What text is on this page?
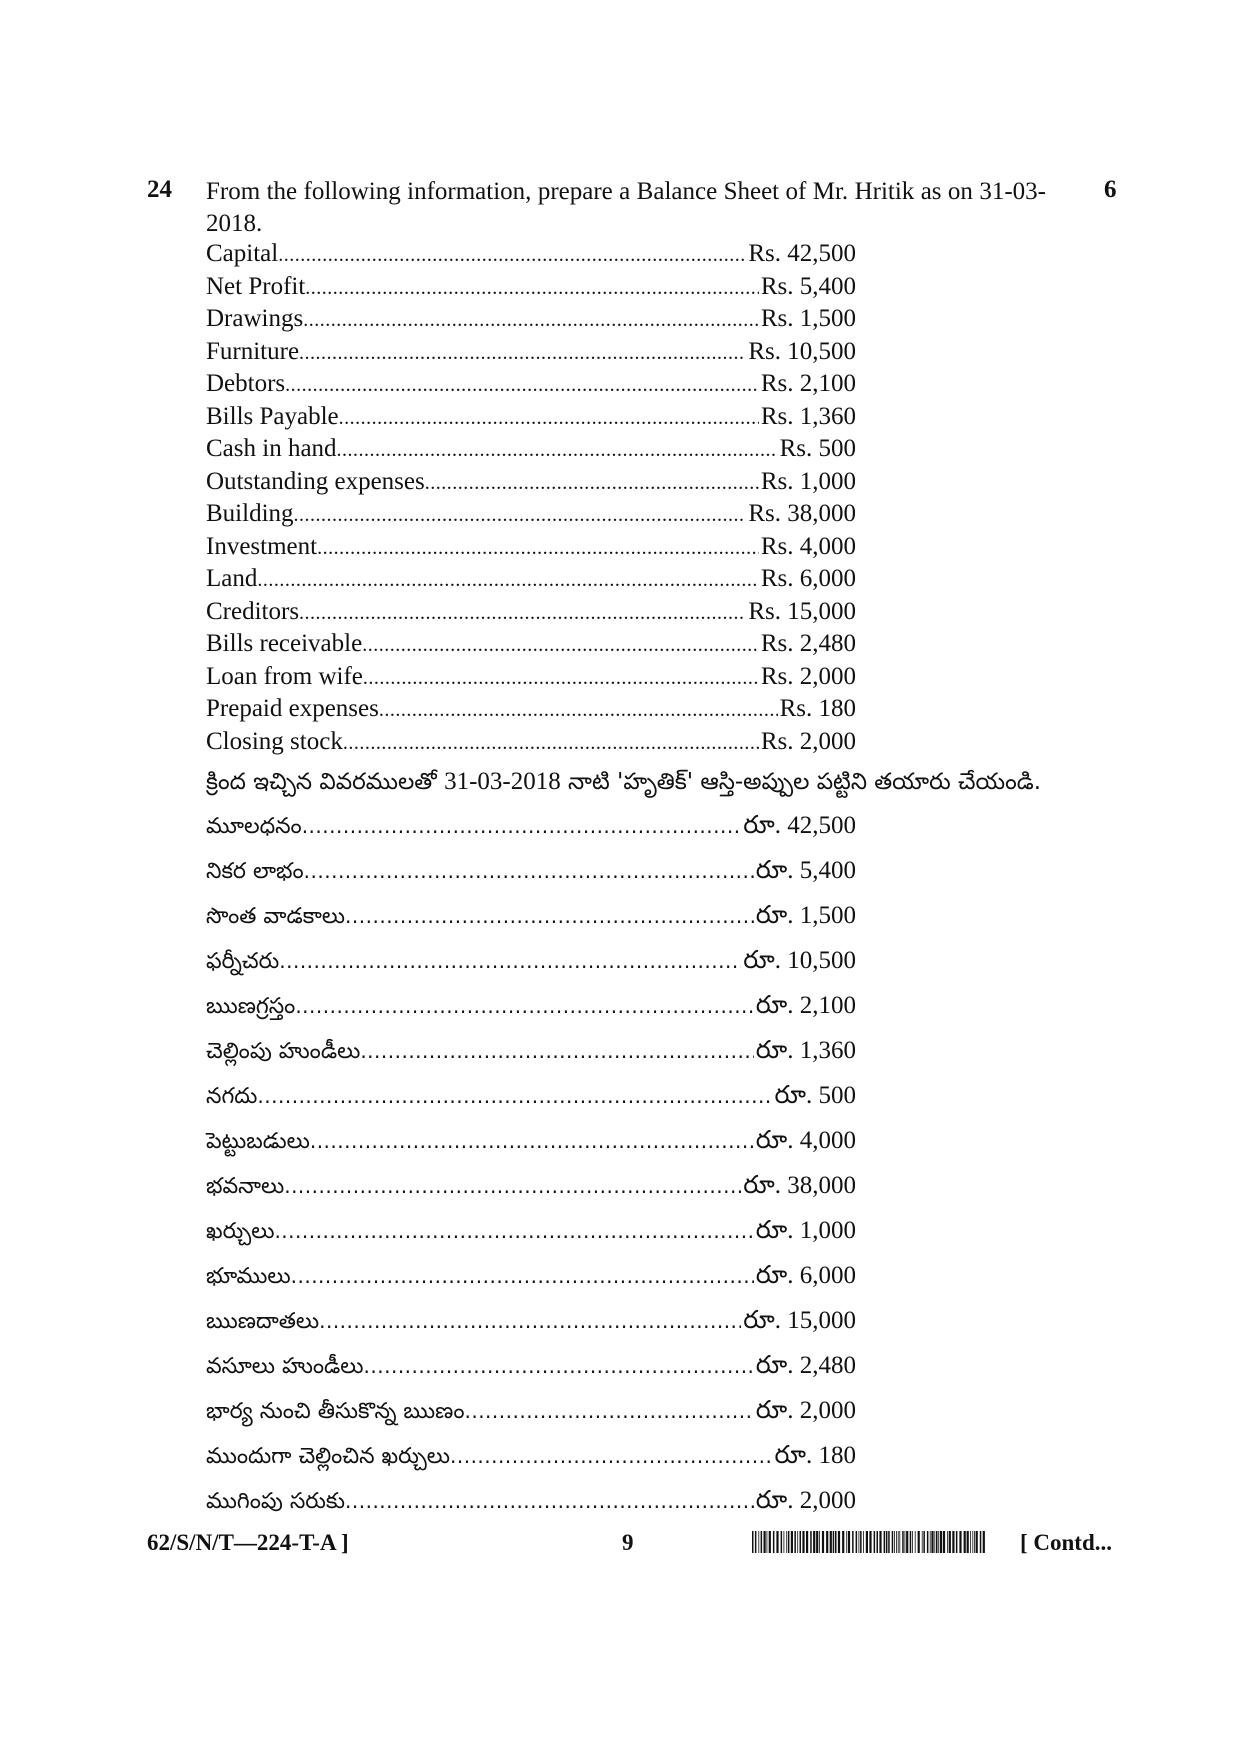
24 From the following information, prepare a Balance Sheet of Mr. Hritik as on 31-03-2018.
6
Capital .....	Rs. 42,500
Net Profit .....	Rs. 5,400
Drawings .....	Rs. 1,500
Furniture .....	Rs. 10,500
Debtors .....	Rs. 2,100
Bills Payable .....	Rs. 1,360
Cash in hand .....	Rs. 500
Outstanding expenses .....	Rs. 1,000
Building .....	Rs. 38,000
Investment .....	Rs. 4,000
Land .....	Rs. 6,000
Creditors .....	Rs. 15,000
Bills receivable .....	Rs. 2,480
Loan from wife .....	Rs. 2,000
Prepaid expenses .....	Rs. 180
Closing stock .....	Rs. 2,000
క్రింద ఇచ్చిన వివరములతో 31-03-2018 నాటి 'హృతిక్' ఆస్తి-అప్పుల పట్టిని తయారు చేయండి.
మూలధనం .....	రూ. 42,500
నికర లాభం .....	రూ. 5,400
సొంత వాడకాలు .....	రూ. 1,500
ఫర్నీచరు .....	రూ. 10,500
ఋణగ్రస్తం .....	రూ. 2,100
చెల్లింపు హుండీలు .....	రూ. 1,360
నగదు .....	రూ. 500
పెట్టుబడులు .....	రూ. 4,000
భవనాలు .....	రూ. 38,000
ఖర్చులు .....	రూ. 1,000
భూములు .....	రూ. 6,000
ఋణదాతలు .....	రూ. 15,000
వసూలు హుండీలు .....	రూ. 2,480
భార్య నుంచి తీసుకొన్న ఋణం .....	రూ. 2,000
ముందుగా చెల్లించిన ఖర్చులు .....	రూ. 180
ముగింపు సరుకు .....	రూ. 2,000
62/S/N/T—224-T-A ]	9	[ Contd...
